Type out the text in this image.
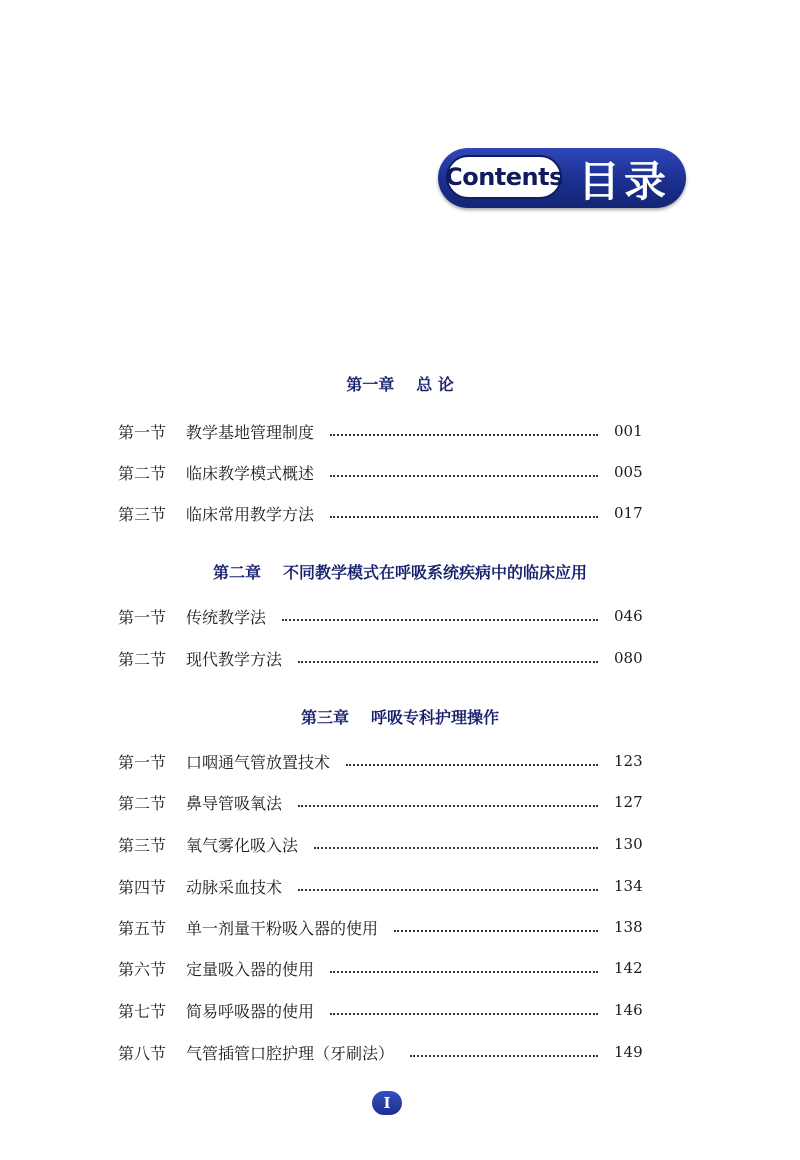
Contents 目录
第一章 总 论
第一节	教学基地管理制度	001
第二节	临床教学模式概述	005
第三节	临床常用教学方法	017
第二章 不同教学模式在呼吸系统疾病中的临床应用
第一节	传统教学法	046
第二节	现代教学方法	080
第三章 呼吸专科护理操作
第一节	口咽通气管放置技术	123
第二节	鼻导管吸氧法	127
第三节	氧气雾化吸入法	130
第四节	动脉采血技术	134
第五节	单一剂量干粉吸入器的使用	138
第六节	定量吸入器的使用	142
第七节	简易呼吸器的使用	146
第八节	气管插管口腔护理（牙刷法）	149
I
